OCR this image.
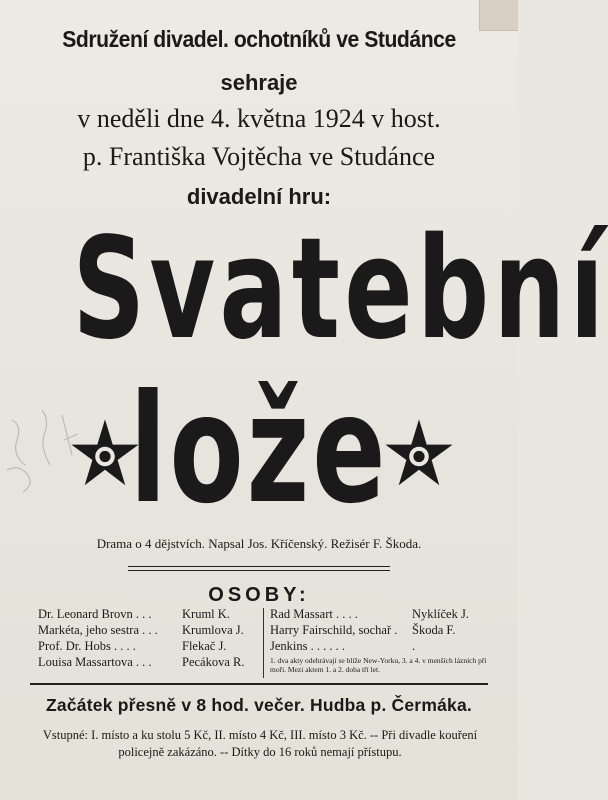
Sdružení divadel. ochotníků ve Studánce
sehraje
v neděli dne 4. května 1924 v host.
p. Františka Vojtěcha ve Studánce
divadelní hru:
Svatební
lože
Drama o 4 dějstvích. Napsal Jos. Kříčenský. Režisér F. Škoda.
OSOBY:
Dr. Leonard Brovn . . .	Kruml K.
Markéta, jeho sestra . . .	Krumlova J.
Prof. Dr. Hobs . . . .	Flekač J.
Louisa Massartova . . .	Pecákova R.
Rad Massart . . . .	Nyklíček J.
Harry Fairschild, sochař .	Škoda F.
Jenkins . . . . . .	.
1. dva akty odehrávají se blíže New-Yorku, 3. a 4. v menších lázních při moři. Mezi aktem 1. a 2. doba tří let.
Začátek přesně v 8 hod. večer. Hudba p. Čermáka.
Vstupné: I. místo a ku stolu 5 Kč, II. místo 4 Kč, III. místo 3 Kč. -- Při divadle kouření policejně zakázáno. -- Dítky do 16 roků nemají přístupu.
